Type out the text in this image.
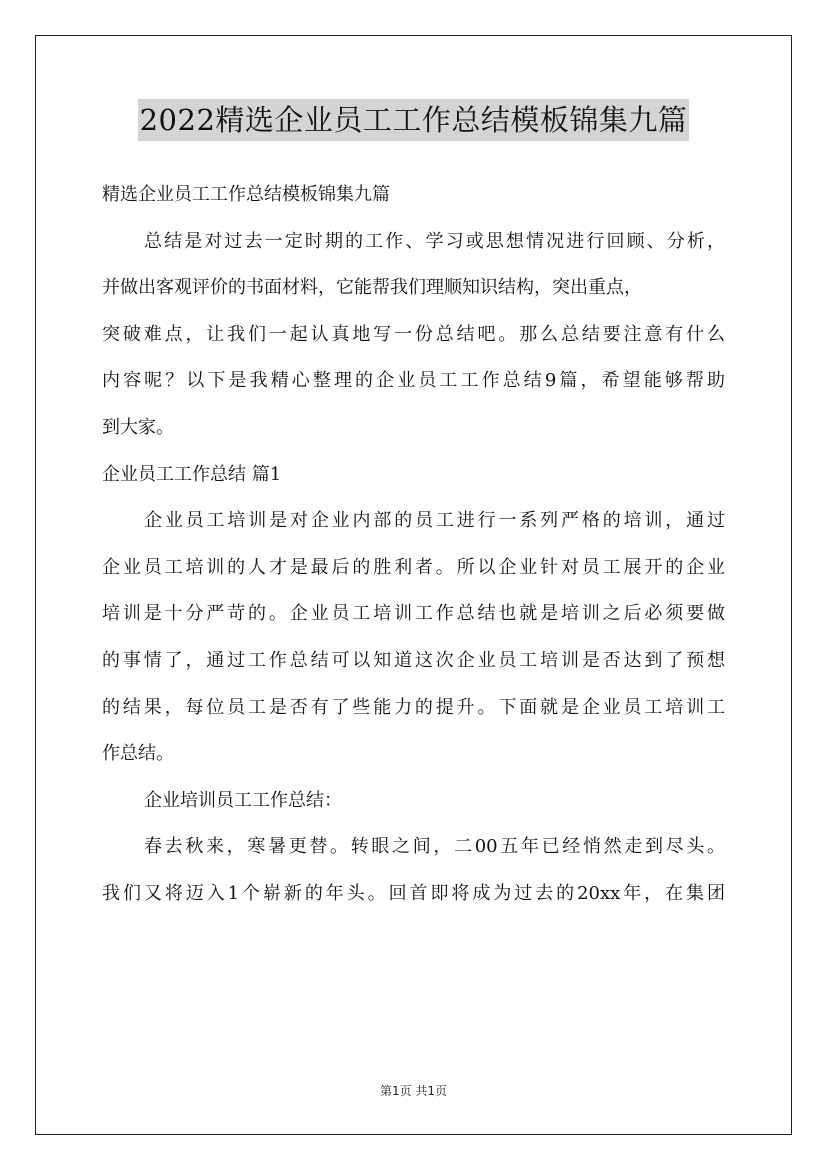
2022精选企业员工工作总结模板锦集九篇
精选企业员工工作总结模板锦集九篇
总结是对过去一定时期的工作、学习或思想情况进行回顾、分析，
并做出客观评价的书面材料，它能帮我们理顺知识结构，突出重点，
突破难点，让我们一起认真地写一份总结吧。那么总结要注意有什么
内容呢？以下是我精心整理的企业员工工作总结9篇，希望能够帮助
到大家。
企业员工工作总结 篇1
企业员工培训是对企业内部的员工进行一系列严格的培训，通过
企业员工培训的人才是最后的胜利者。所以企业针对员工展开的企业
培训是十分严苛的。企业员工培训工作总结也就是培训之后必须要做
的事情了，通过工作总结可以知道这次企业员工培训是否达到了预想
的结果，每位员工是否有了些能力的提升。下面就是企业员工培训工
作总结。
企业培训员工工作总结：
春去秋来，寒暑更替。转眼之间，二00五年已经悄然走到尽头。
我们又将迈入1个崭新的年头。回首即将成为过去的20xx年，在集团
第1页 共1页
